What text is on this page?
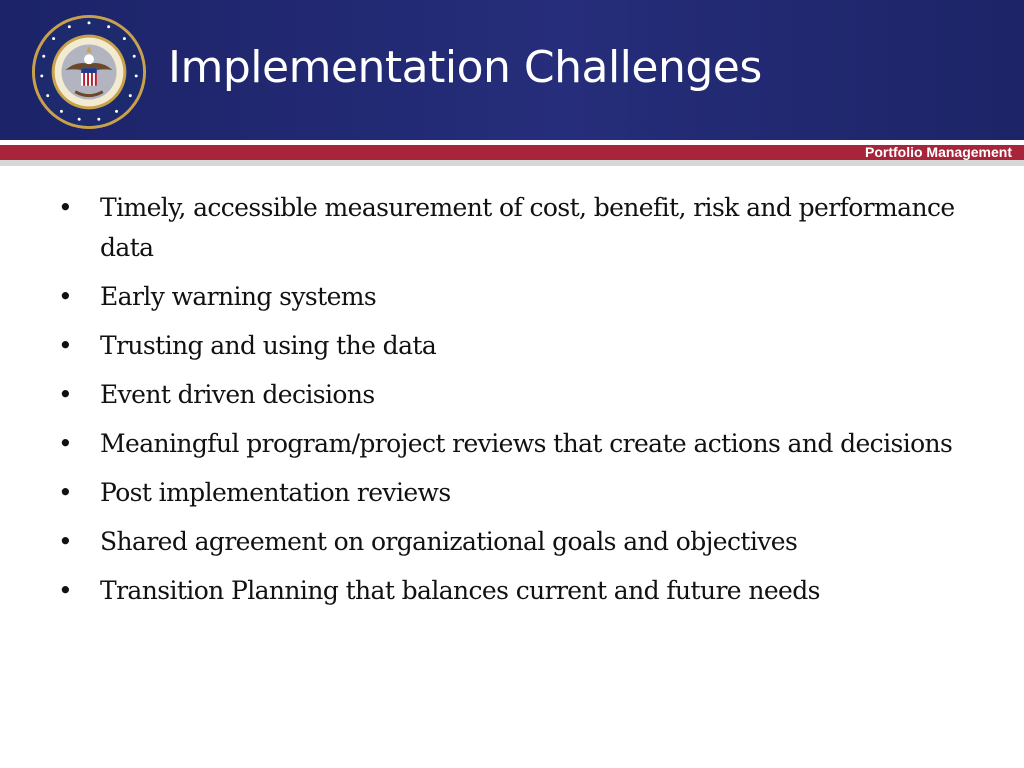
Implementation Challenges
Portfolio Management
• Timely, accessible measurement of cost, benefit, risk and performance data
• Early warning systems
• Trusting and using the data
• Event driven decisions
• Meaningful program/project reviews that create actions and decisions
• Post implementation reviews
• Shared agreement on organizational goals and objectives
• Transition Planning that balances current and future needs
